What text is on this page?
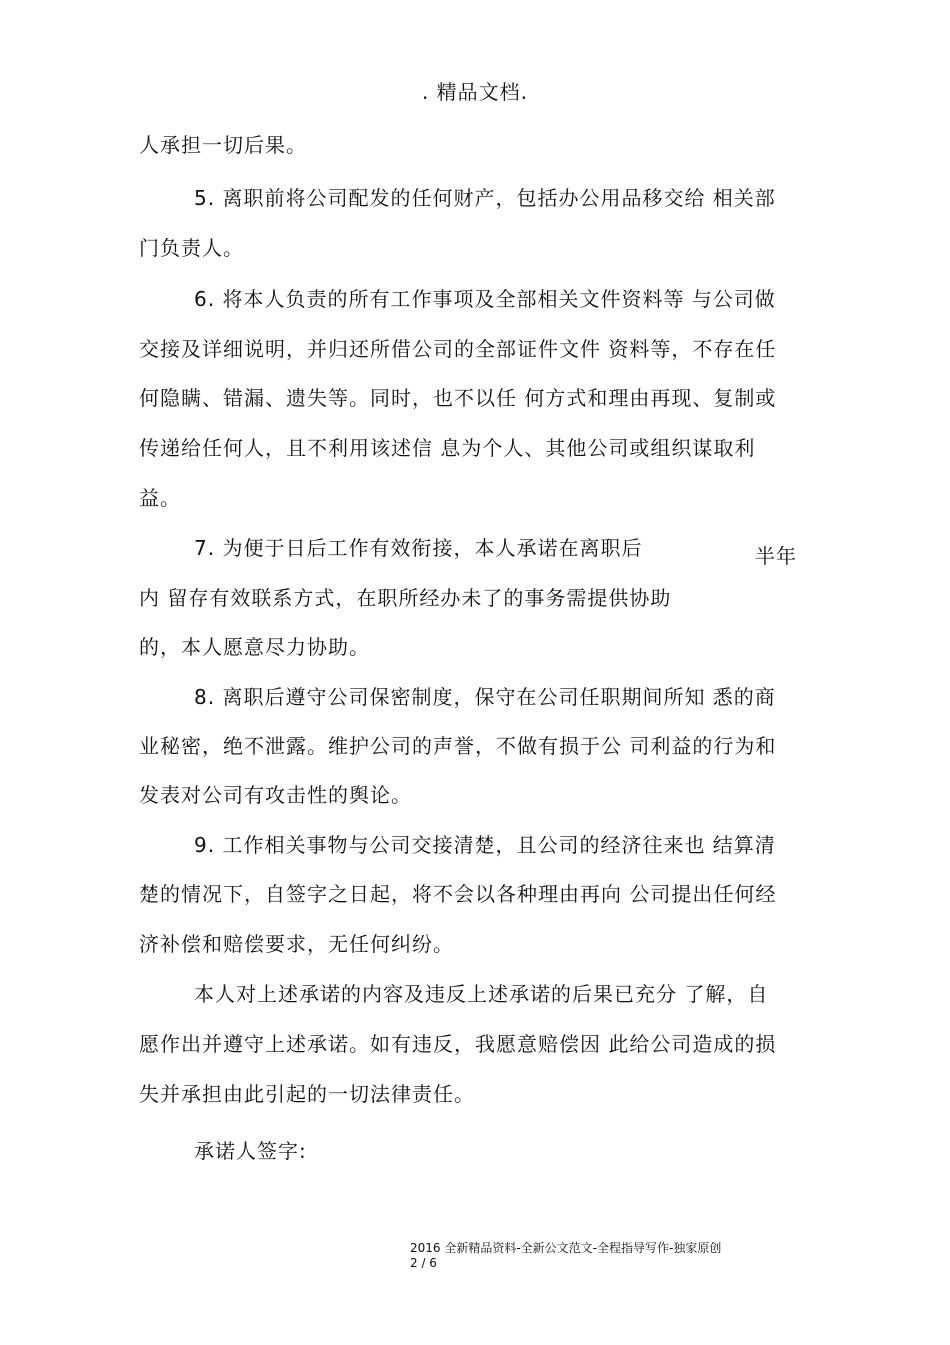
. 精品文档.
人承担一切后果。
5. 离职前将公司配发的任何财产，包括办公用品移交给 相关部
门负责人。
6. 将本人负责的所有工作事项及全部相关文件资料等 与公司做
交接及详细说明，并归还所借公司的全部证件文件 资料等，不存在任
何隐瞒、错漏、遗失等。同时，也不以任 何方式和理由再现、复制或
传递给任何人，且不利用该述信 息为个人、其他公司或组织谋取利
益。
7. 为便于日后工作有效衔接，本人承诺在离职后	半年
内 留存有效联系方式，在职所经办未了的事务需提供协助
的，本人愿意尽力协助。
8. 离职后遵守公司保密制度，保守在公司任职期间所知 悉的商
业秘密，绝不泄露。维护公司的声誉，不做有损于公 司利益的行为和
发表对公司有攻击性的舆论。
9. 工作相关事物与公司交接清楚，且公司的经济往来也 结算清
楚的情况下，自签字之日起，将不会以各种理由再向 公司提出任何经
济补偿和赔偿要求，无任何纠纷。
本人对上述承诺的内容及违反上述承诺的后果已充分 了解，自
愿作出并遵守上述承诺。如有违反，我愿意赔偿因 此给公司造成的损
失并承担由此引起的一切法律责任。
承诺人签字:
2016 全新精品资料-全新公文范文-全程指导写作-独家原创
2 / 6
